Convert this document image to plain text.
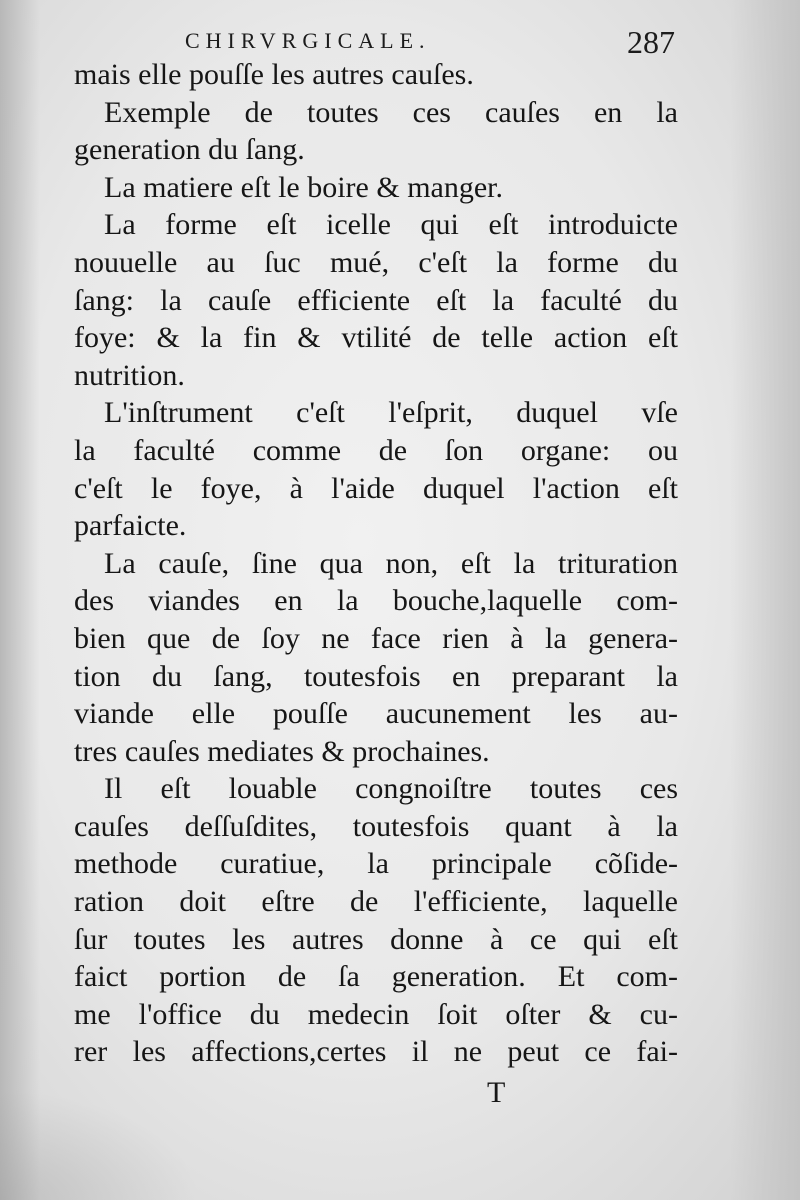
CHIRVRGICALE.	287
mais elle pouſſe les autres cauſes.
Exemple de toutes ces cauſes en la
generation du ſang.
La matiere eſt le boire & manger.
La forme eſt icelle qui eſt introduicte
nouuelle au ſuc mué, c'eſt la forme du
ſang: la cauſe efficiente eſt la faculté du
foye: & la fin & vtilité de telle action eſt
nutrition.
L'inſtrument c'eſt l'eſprit, duquel vſe
la faculté comme de ſon organe: ou
c'eſt le foye, à l'aide duquel l'action eſt
parfaicte.
La cauſe, ſine qua non, eſt la trituration
des viandes en la bouche,laquelle com-
bien que de ſoy ne face rien à la genera-
tion du ſang, toutesfois en preparant la
viande elle pouſſe aucunement les au-
tres cauſes mediates & prochaines.
Il eſt louable congnoiſtre toutes ces
cauſes deſſuſdites, toutesfois quant à la
methode curatiue, la principale cõſide-
ration doit eſtre de l'efficiente, laquelle
ſur toutes les autres donne à ce qui eſt
faict portion de ſa generation. Et com-
me l'office du medecin ſoit oſter & cu-
rer les affections,certes il ne peut ce fai-
T
